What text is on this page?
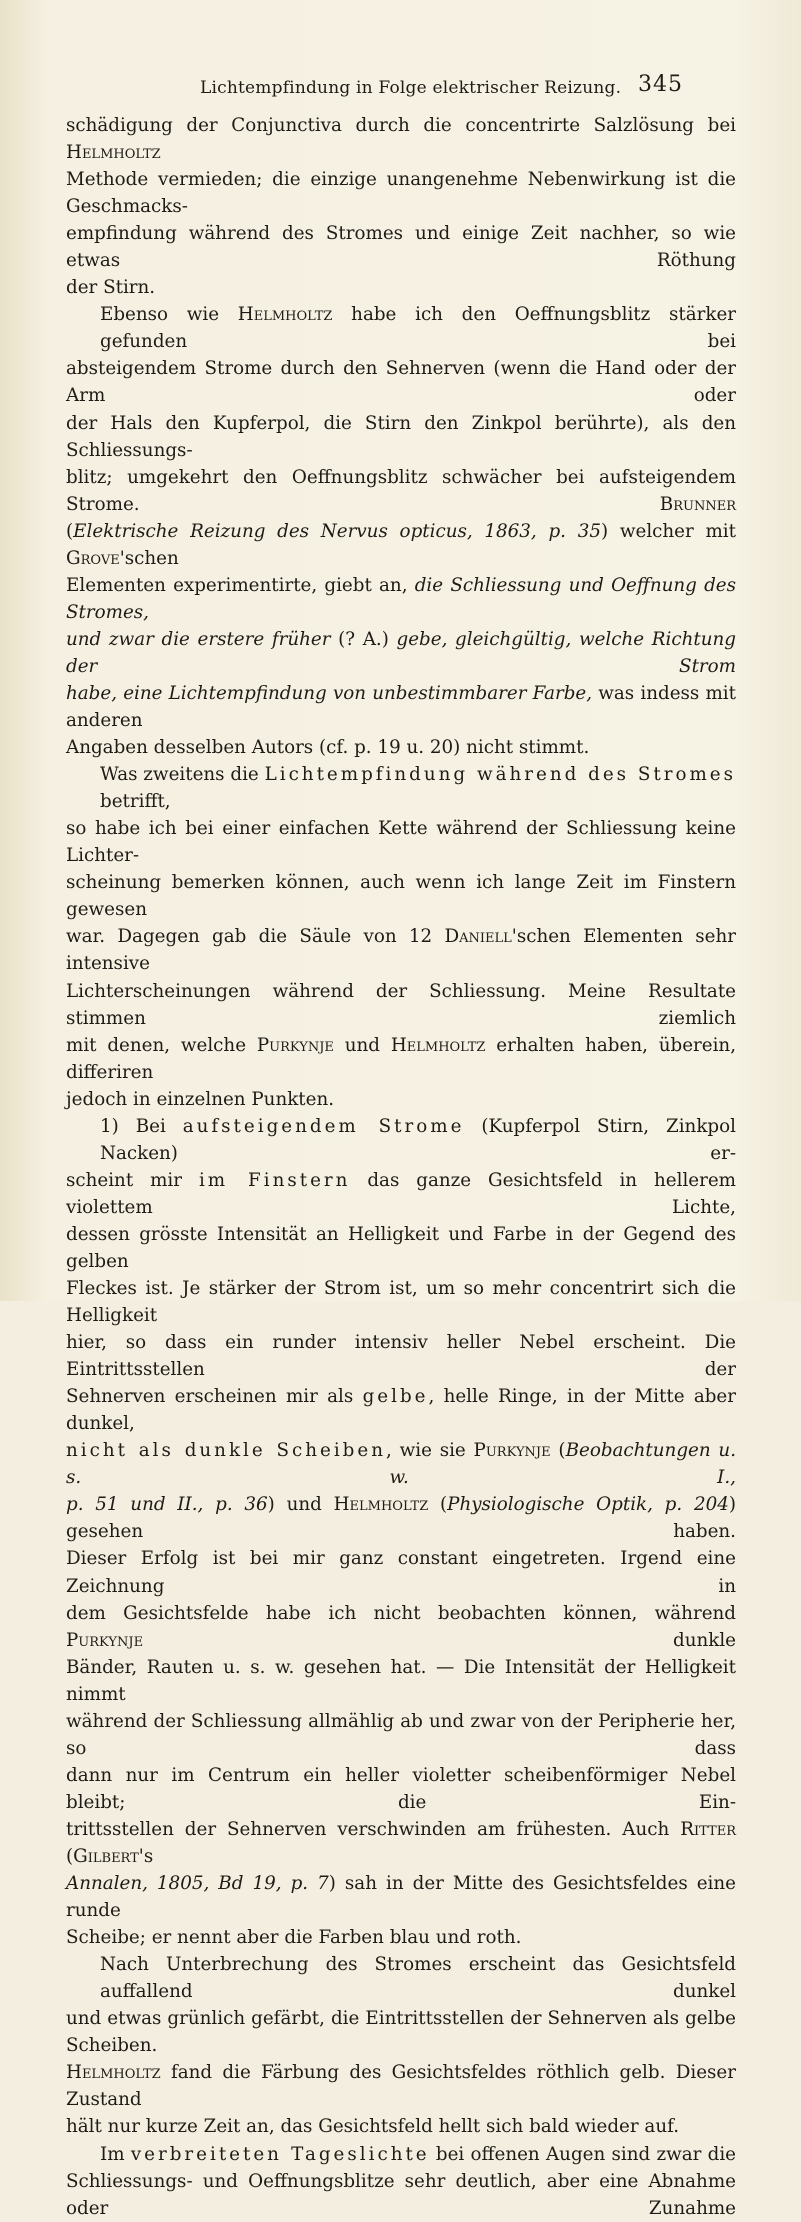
Lichtempfindung in Folge elektrischer Reizung. 345
schädigung der Conjunctiva durch die concentrirte Salzlösung bei Helmholtz
Methode vermieden; die einzige unangenehme Nebenwirkung ist die Geschmacks-
empfindung während des Stromes und einige Zeit nachher, so wie etwas Röthung
der Stirn.
Ebenso wie Helmholtz habe ich den Oeffnungsblitz stärker gefunden bei
absteigendem Strome durch den Sehnerven (wenn die Hand oder der Arm oder
der Hals den Kupferpol, die Stirn den Zinkpol berührte), als den Schliessungs-
blitz; umgekehrt den Oeffnungsblitz schwächer bei aufsteigendem Strome. Brunner
(Elektrische Reizung des Nervus opticus, 1863, p. 35) welcher mit Grove'schen
Elementen experimentirte, giebt an, die Schliessung und Oeffnung des Stromes,
und zwar die erstere früher (? A.) gebe, gleichgültig, welche Richtung der Strom
habe, eine Lichtempfindung von unbestimmbarer Farbe, was indess mit anderen
Angaben desselben Autors (cf. p. 19 u. 20) nicht stimmt.
Was zweitens die Lichtempfindung während des Stromes betrifft,
so habe ich bei einer einfachen Kette während der Schliessung keine Lichter-
scheinung bemerken können, auch wenn ich lange Zeit im Finstern gewesen
war. Dagegen gab die Säule von 12 Daniell'schen Elementen sehr intensive
Lichterscheinungen während der Schliessung. Meine Resultate stimmen ziemlich
mit denen, welche Purkynje und Helmholtz erhalten haben, überein, differiren
jedoch in einzelnen Punkten.
1) Bei aufsteigendem Strome (Kupferpol Stirn, Zinkpol Nacken) er-
scheint mir im Finstern das ganze Gesichtsfeld in hellerem violettem Lichte,
dessen grösste Intensität an Helligkeit und Farbe in der Gegend des gelben
Fleckes ist. Je stärker der Strom ist, um so mehr concentrirt sich die Helligkeit
hier, so dass ein runder intensiv heller Nebel erscheint. Die Eintrittsstellen der
Sehnerven erscheinen mir als gelbe, helle Ringe, in der Mitte aber dunkel,
nicht als dunkle Scheiben, wie sie Purkynje (Beobachtungen u. s. w. I.,
p. 51 und II., p. 36) und Helmholtz (Physiologische Optik, p. 204) gesehen haben.
Dieser Erfolg ist bei mir ganz constant eingetreten. Irgend eine Zeichnung in
dem Gesichtsfelde habe ich nicht beobachten können, während Purkynje dunkle
Bänder, Rauten u. s. w. gesehen hat. — Die Intensität der Helligkeit nimmt
während der Schliessung allmählig ab und zwar von der Peripherie her, so dass
dann nur im Centrum ein heller violetter scheibenförmiger Nebel bleibt; die Ein-
trittsstellen der Sehnerven verschwinden am frühesten. Auch Ritter (Gilbert's
Annalen, 1805, Bd 19, p. 7) sah in der Mitte des Gesichtsfeldes eine runde
Scheibe; er nennt aber die Farben blau und roth.
Nach Unterbrechung des Stromes erscheint das Gesichtsfeld auffallend dunkel
und etwas grünlich gefärbt, die Eintrittsstellen der Sehnerven als gelbe Scheiben.
Helmholtz fand die Färbung des Gesichtsfeldes röthlich gelb. Dieser Zustand
hält nur kurze Zeit an, das Gesichtsfeld hellt sich bald wieder auf.
Im verbreiteten Tageslichte bei offenen Augen sind zwar die
Schliessungs- und Oeffnungsblitze sehr deutlich, aber eine Abnahme oder Zunahme
